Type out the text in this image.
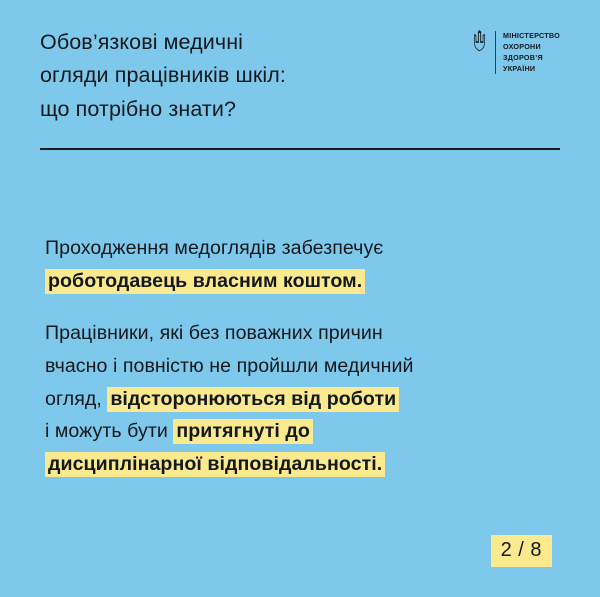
Обов’язкові медичні
огляди працівників шкіл:
що потрібно знати?
МІНІСТЕРСТВО
ОХОРОНИ
ЗДОРОВ’Я
УКРАЇНИ

Проходження медоглядів забезпечує
роботодавець власним коштом.

Працівники, які без поважних причин
вчасно і повністю не пройшли медичний
огляд, відсторонюються від роботи
і можуть бути притягнуті до
дисциплінарної відповідальності.

2 / 8
